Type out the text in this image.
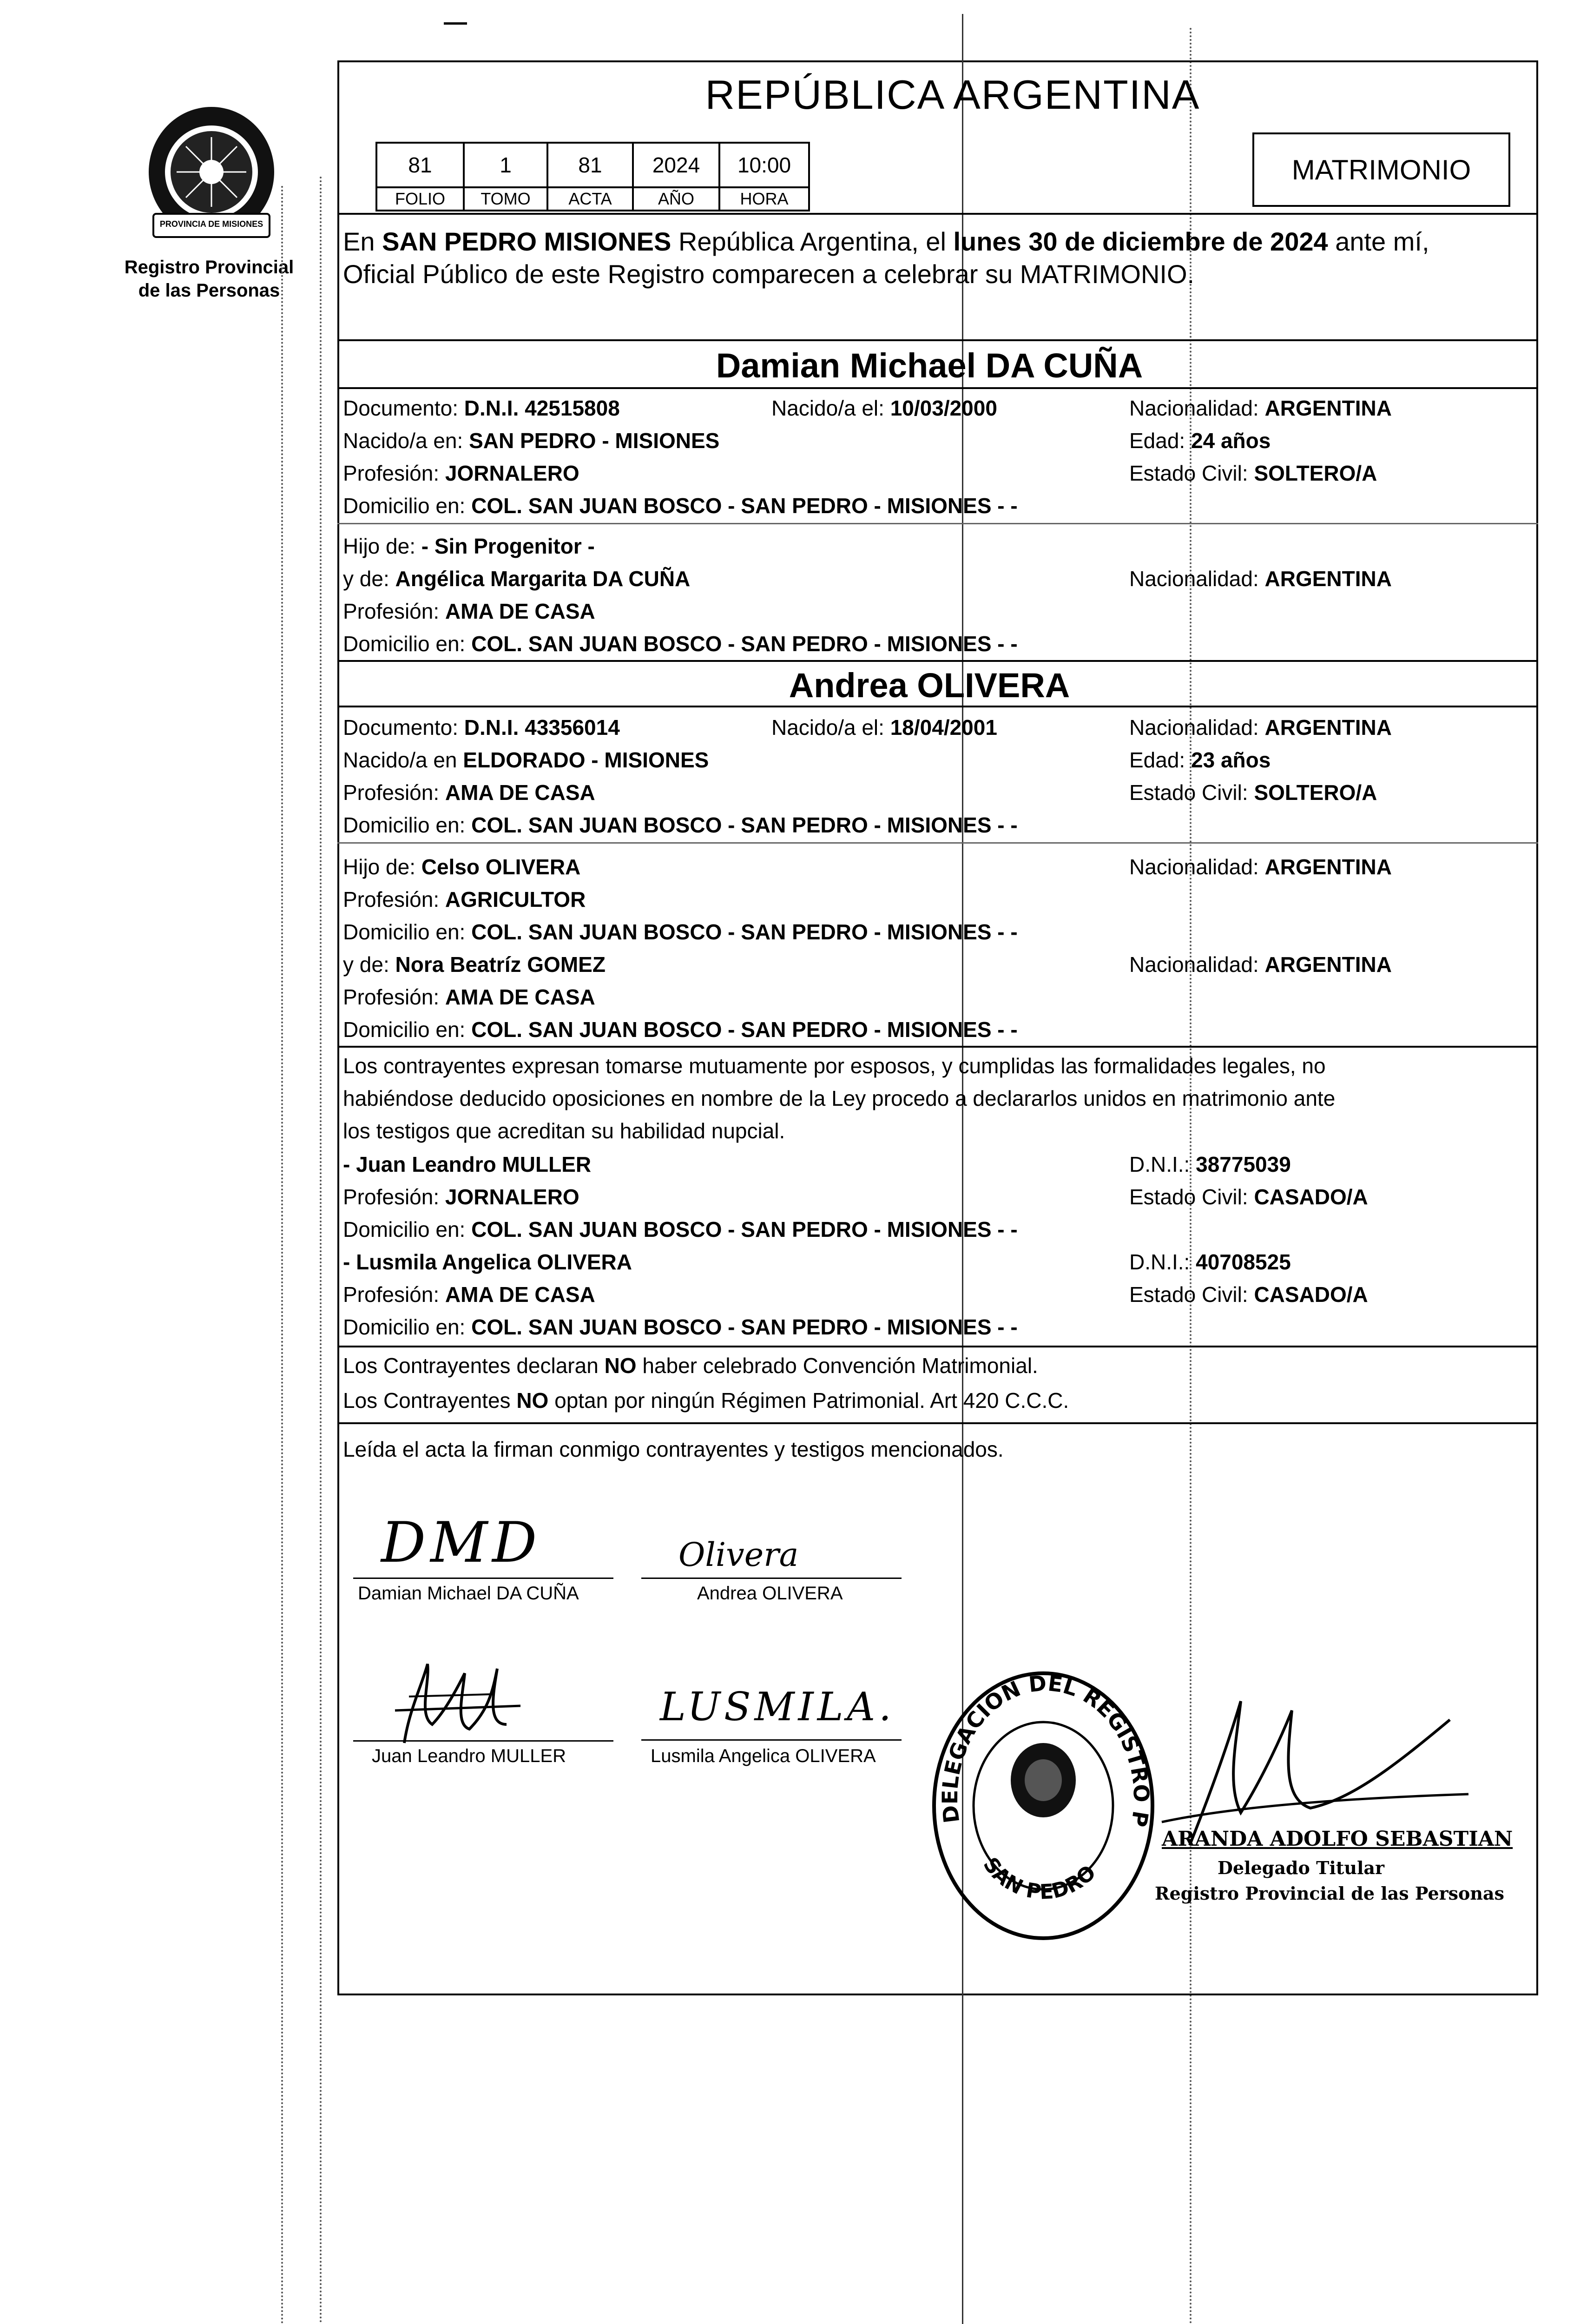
PROVINCIA DE MISIONES
Registro Provincial
de las Personas
REPÚBLICA ARGENTINA
81	1	81	2024	10:00
FOLIO	TOMO	ACTA	AÑO	HORA
MATRIMONIO
En SAN PEDRO MISIONES República Argentina, el lunes 30 de diciembre de 2024 ante mí,
Oficial Público de este Registro comparecen a celebrar su MATRIMONIO.
Damian Michael DA CUÑA
Documento: D.N.I. 42515808	Nacido/a el: 10/03/2000	Nacionalidad: ARGENTINA
Nacido/a en: SAN PEDRO - MISIONES	Edad: 24 años
Profesión: JORNALERO	Estado Civil: SOLTERO/A
Domicilio en: COL. SAN JUAN BOSCO - SAN PEDRO - MISIONES - -
Hijo de: - Sin Progenitor -
y de: Angélica Margarita DA CUÑA	Nacionalidad: ARGENTINA
Profesión: AMA DE CASA
Domicilio en: COL. SAN JUAN BOSCO - SAN PEDRO - MISIONES - -
Andrea OLIVERA
Documento: D.N.I. 43356014	Nacido/a el: 18/04/2001	Nacionalidad: ARGENTINA
Nacido/a en ELDORADO - MISIONES	Edad: 23 años
Profesión: AMA DE CASA	Estado Civil: SOLTERO/A
Domicilio en: COL. SAN JUAN BOSCO - SAN PEDRO - MISIONES - -
Hijo de: Celso OLIVERA	Nacionalidad: ARGENTINA
Profesión: AGRICULTOR
Domicilio en: COL. SAN JUAN BOSCO - SAN PEDRO - MISIONES - -
y de: Nora Beatríz GOMEZ	Nacionalidad: ARGENTINA
Profesión: AMA DE CASA
Domicilio en: COL. SAN JUAN BOSCO - SAN PEDRO - MISIONES - -
Los contrayentes expresan tomarse mutuamente por esposos, y cumplidas las formalidades legales, no
habiéndose deducido oposiciones en nombre de la Ley procedo a declararlos unidos en matrimonio ante
los testigos que acreditan su habilidad nupcial.
- Juan Leandro MULLER	D.N.I.: 38775039
Profesión: JORNALERO	Estado Civil: CASADO/A
Domicilio en: COL. SAN JUAN BOSCO - SAN PEDRO - MISIONES - -
- Lusmila Angelica OLIVERA	D.N.I.: 40708525
Profesión: AMA DE CASA	Estado Civil: CASADO/A
Domicilio en: COL. SAN JUAN BOSCO - SAN PEDRO - MISIONES - -
Los Contrayentes declaran NO haber celebrado Convención Matrimonial.
Los Contrayentes NO optan por ningún Régimen Patrimonial. Art 420 C.C.C.
Leída el acta la firman conmigo contrayentes y testigos mencionados.
DMD
Damian Michael DA CUÑA
Olivera
Andrea OLIVERA
Juan Leandro MULLER
LUSMILA.
Lusmila Angelica OLIVERA
DELEGACION DEL REGISTRO PROVINCIAL DE LAS PERSONAS
SAN PEDRO
ARANDA ADOLFO SEBASTIAN
Delegado Titular
Registro Provincial de las Personas
